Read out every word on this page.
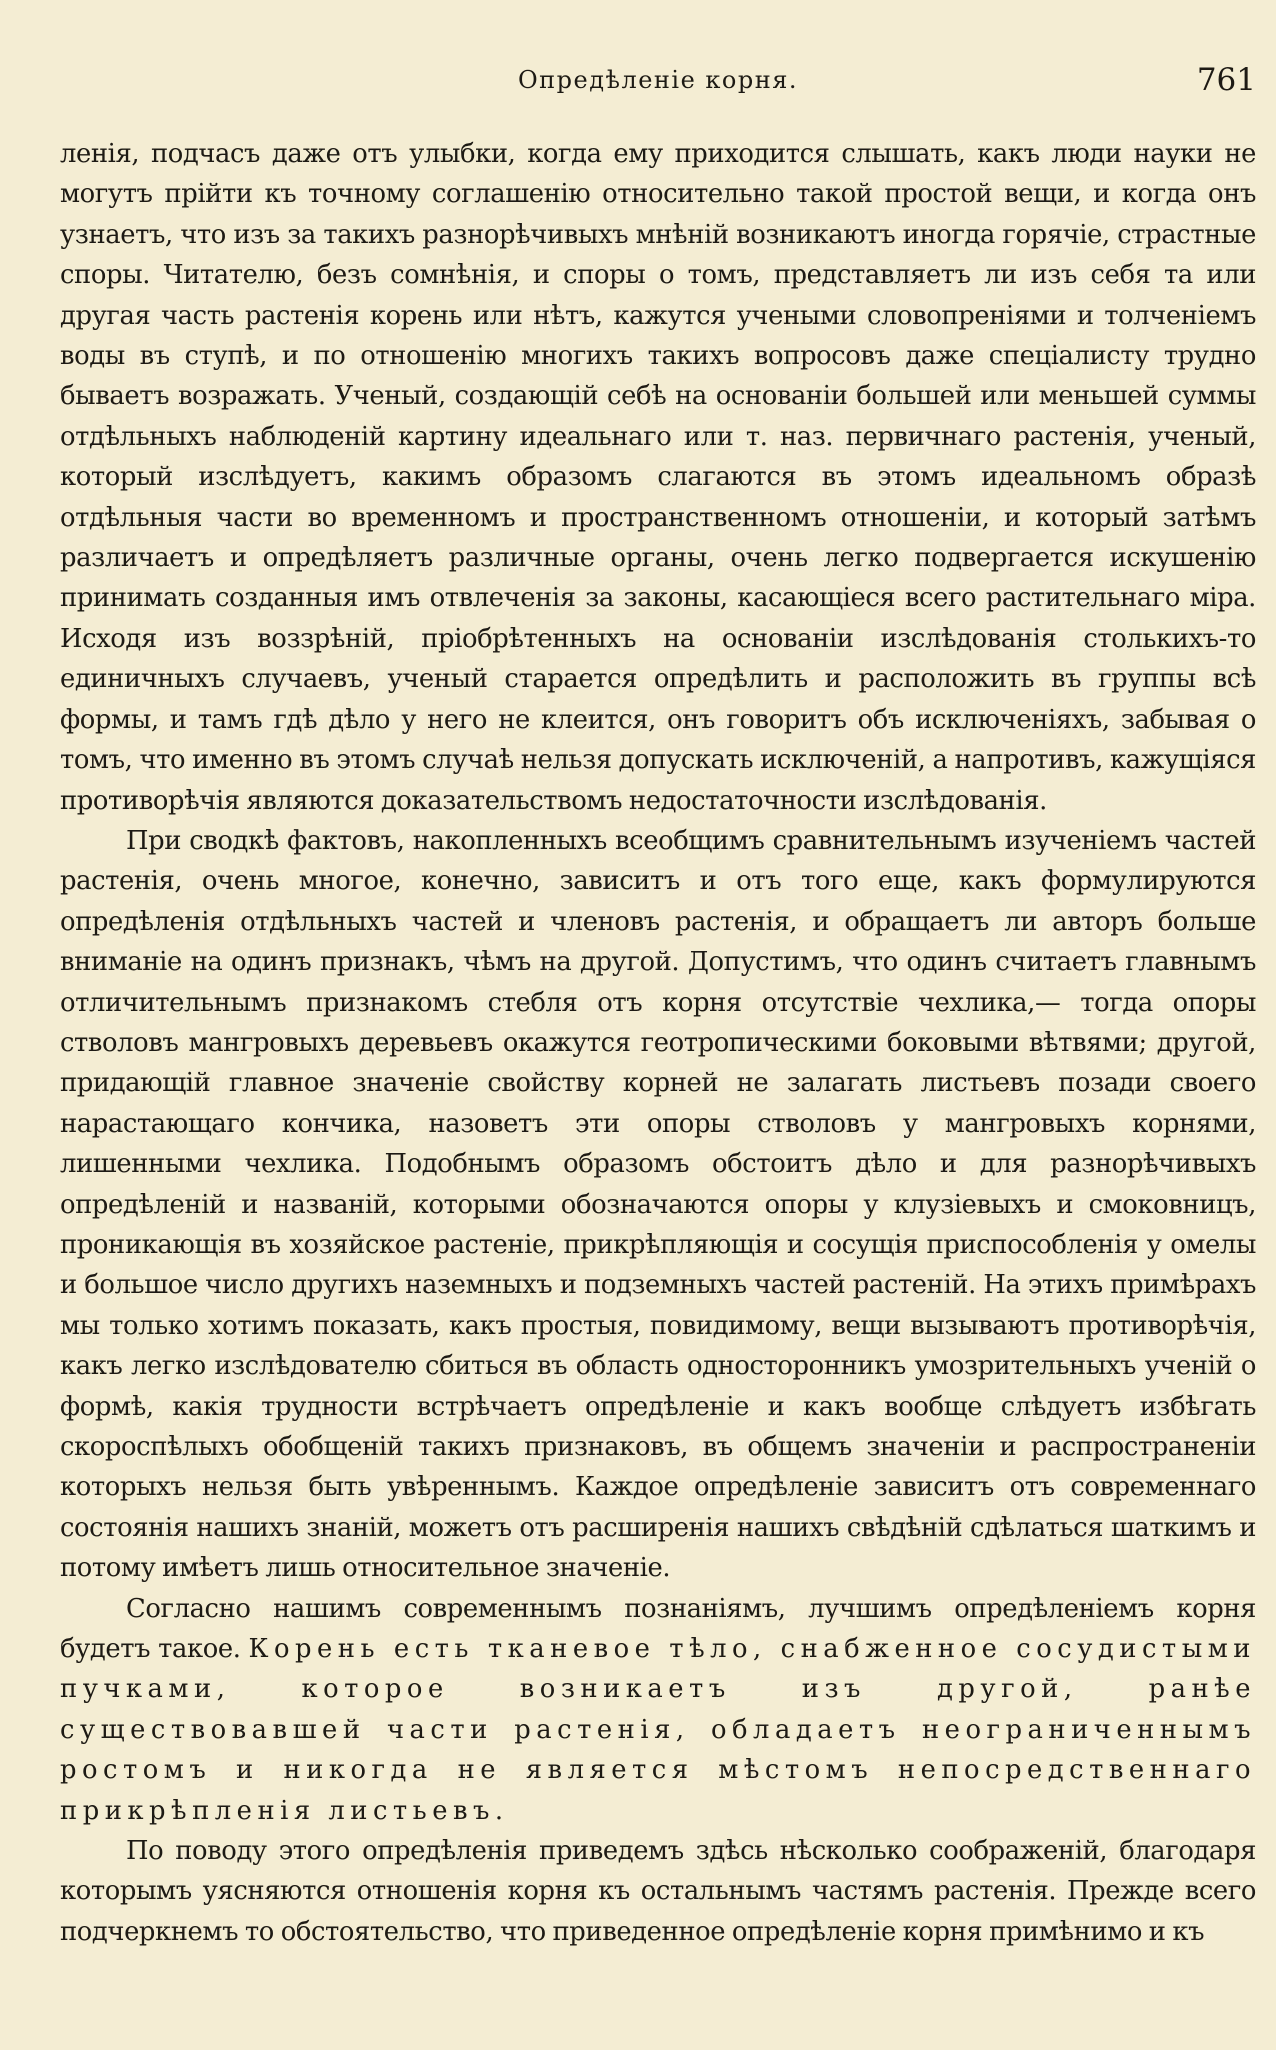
Опредѣленіе корня.	761

ленія, подчасъ даже отъ улыбки, когда ему приходится слышать, какъ люди науки не могутъ прійти къ точному соглашенію относительно такой простой вещи, и когда онъ узнаетъ, что изъ за такихъ разнорѣчивыхъ мнѣній возникаютъ иногда горячіе, страстные споры. Читателю, безъ сомнѣнія, и споры о томъ, представляетъ ли изъ себя та или другая часть растенія корень или нѣтъ, кажутся учеными словопреніями и толченіемъ воды въ ступѣ, и по отношенію многихъ такихъ вопросовъ даже спеціалисту трудно бываетъ возражать. Ученый, создающій себѣ на основаніи большей или меньшей суммы отдѣльныхъ наблюденій картину идеальнаго или т. наз. первичнаго растенія, ученый, который изслѣдуетъ, какимъ образомъ слагаются въ этомъ идеальномъ образѣ отдѣльныя части во временномъ и пространственномъ отношеніи, и который затѣмъ различаетъ и опредѣляетъ различные органы, очень легко подвергается искушенію принимать созданныя имъ отвлеченія за законы, касающіеся всего растительнаго міра. Исходя изъ воззрѣній, пріобрѣтенныхъ на основаніи изслѣдованія столькихъ-то единичныхъ случаевъ, ученый старается опредѣлить и расположить въ группы всѣ формы, и тамъ гдѣ дѣло у него не клеится, онъ говоритъ объ исключеніяхъ, забывая о томъ, что именно въ этомъ случаѣ нельзя допускать исключеній, а напротивъ, кажущіяся противорѣчія являются доказательствомъ недостаточности изслѣдованія.

При сводкѣ фактовъ, накопленныхъ всеобщимъ сравнительнымъ изученіемъ частей растенія, очень многое, конечно, зависитъ и отъ того еще, какъ формулируются опредѣленія отдѣльныхъ частей и членовъ растенія, и обращаетъ ли авторъ больше вниманіе на одинъ признакъ, чѣмъ на другой. Допустимъ, что одинъ считаетъ главнымъ отличительнымъ признакомъ стебля отъ корня отсутствіе чехлика,— тогда опоры стволовъ мангровыхъ деревьевъ окажутся геотропическими боковыми вѣтвями; другой, придающій главное значеніе свойству корней не залагать листьевъ позади своего нарастающаго кончика, назоветъ эти опоры стволовъ у мангровыхъ корнями, лишенными чехлика. Подобнымъ образомъ обстоитъ дѣло и для разнорѣчивыхъ опредѣленій и названій, которыми обозначаются опоры у клузіевыхъ и смоковницъ, проникающія въ хозяйское растеніе, прикрѣпляющія и сосущія приспособленія у омелы и большое число другихъ наземныхъ и подземныхъ частей растеній. На этихъ примѣрахъ мы только хотимъ показать, какъ простыя, повидимому, вещи вызываютъ противорѣчія, какъ легко изслѣдователю сбиться въ область односторонникъ умозрительныхъ ученій о формѣ, какія трудности встрѣчаетъ опредѣленіе и какъ вообще слѣдуетъ избѣгать скороспѣлыхъ обобщеній такихъ признаковъ, въ общемъ значеніи и распространеніи которыхъ нельзя быть увѣреннымъ. Каждое опредѣленіе зависитъ отъ современнаго состоянія нашихъ знаній, можетъ отъ расширенія нашихъ свѣдѣній сдѣлаться шаткимъ и потому имѣетъ лишь относительное значеніе.

Согласно нашимъ современнымъ познаніямъ, лучшимъ опредѣленіемъ корня будетъ такое. Корень есть тканевое тѣло, снабженное сосудистыми пучками, которое возникаетъ изъ другой, ранѣе существовавшей части растенія, обладаетъ неограниченнымъ ростомъ и никогда не является мѣстомъ непосредственнаго прикрѣпленія листьевъ.

По поводу этого опредѣленія приведемъ здѣсь нѣсколько соображеній, благодаря которымъ уясняются отношенія корня къ остальнымъ частямъ растенія. Прежде всего подчеркнемъ то обстоятельство, что приведенное опредѣленіе корня примѣнимо и къ
